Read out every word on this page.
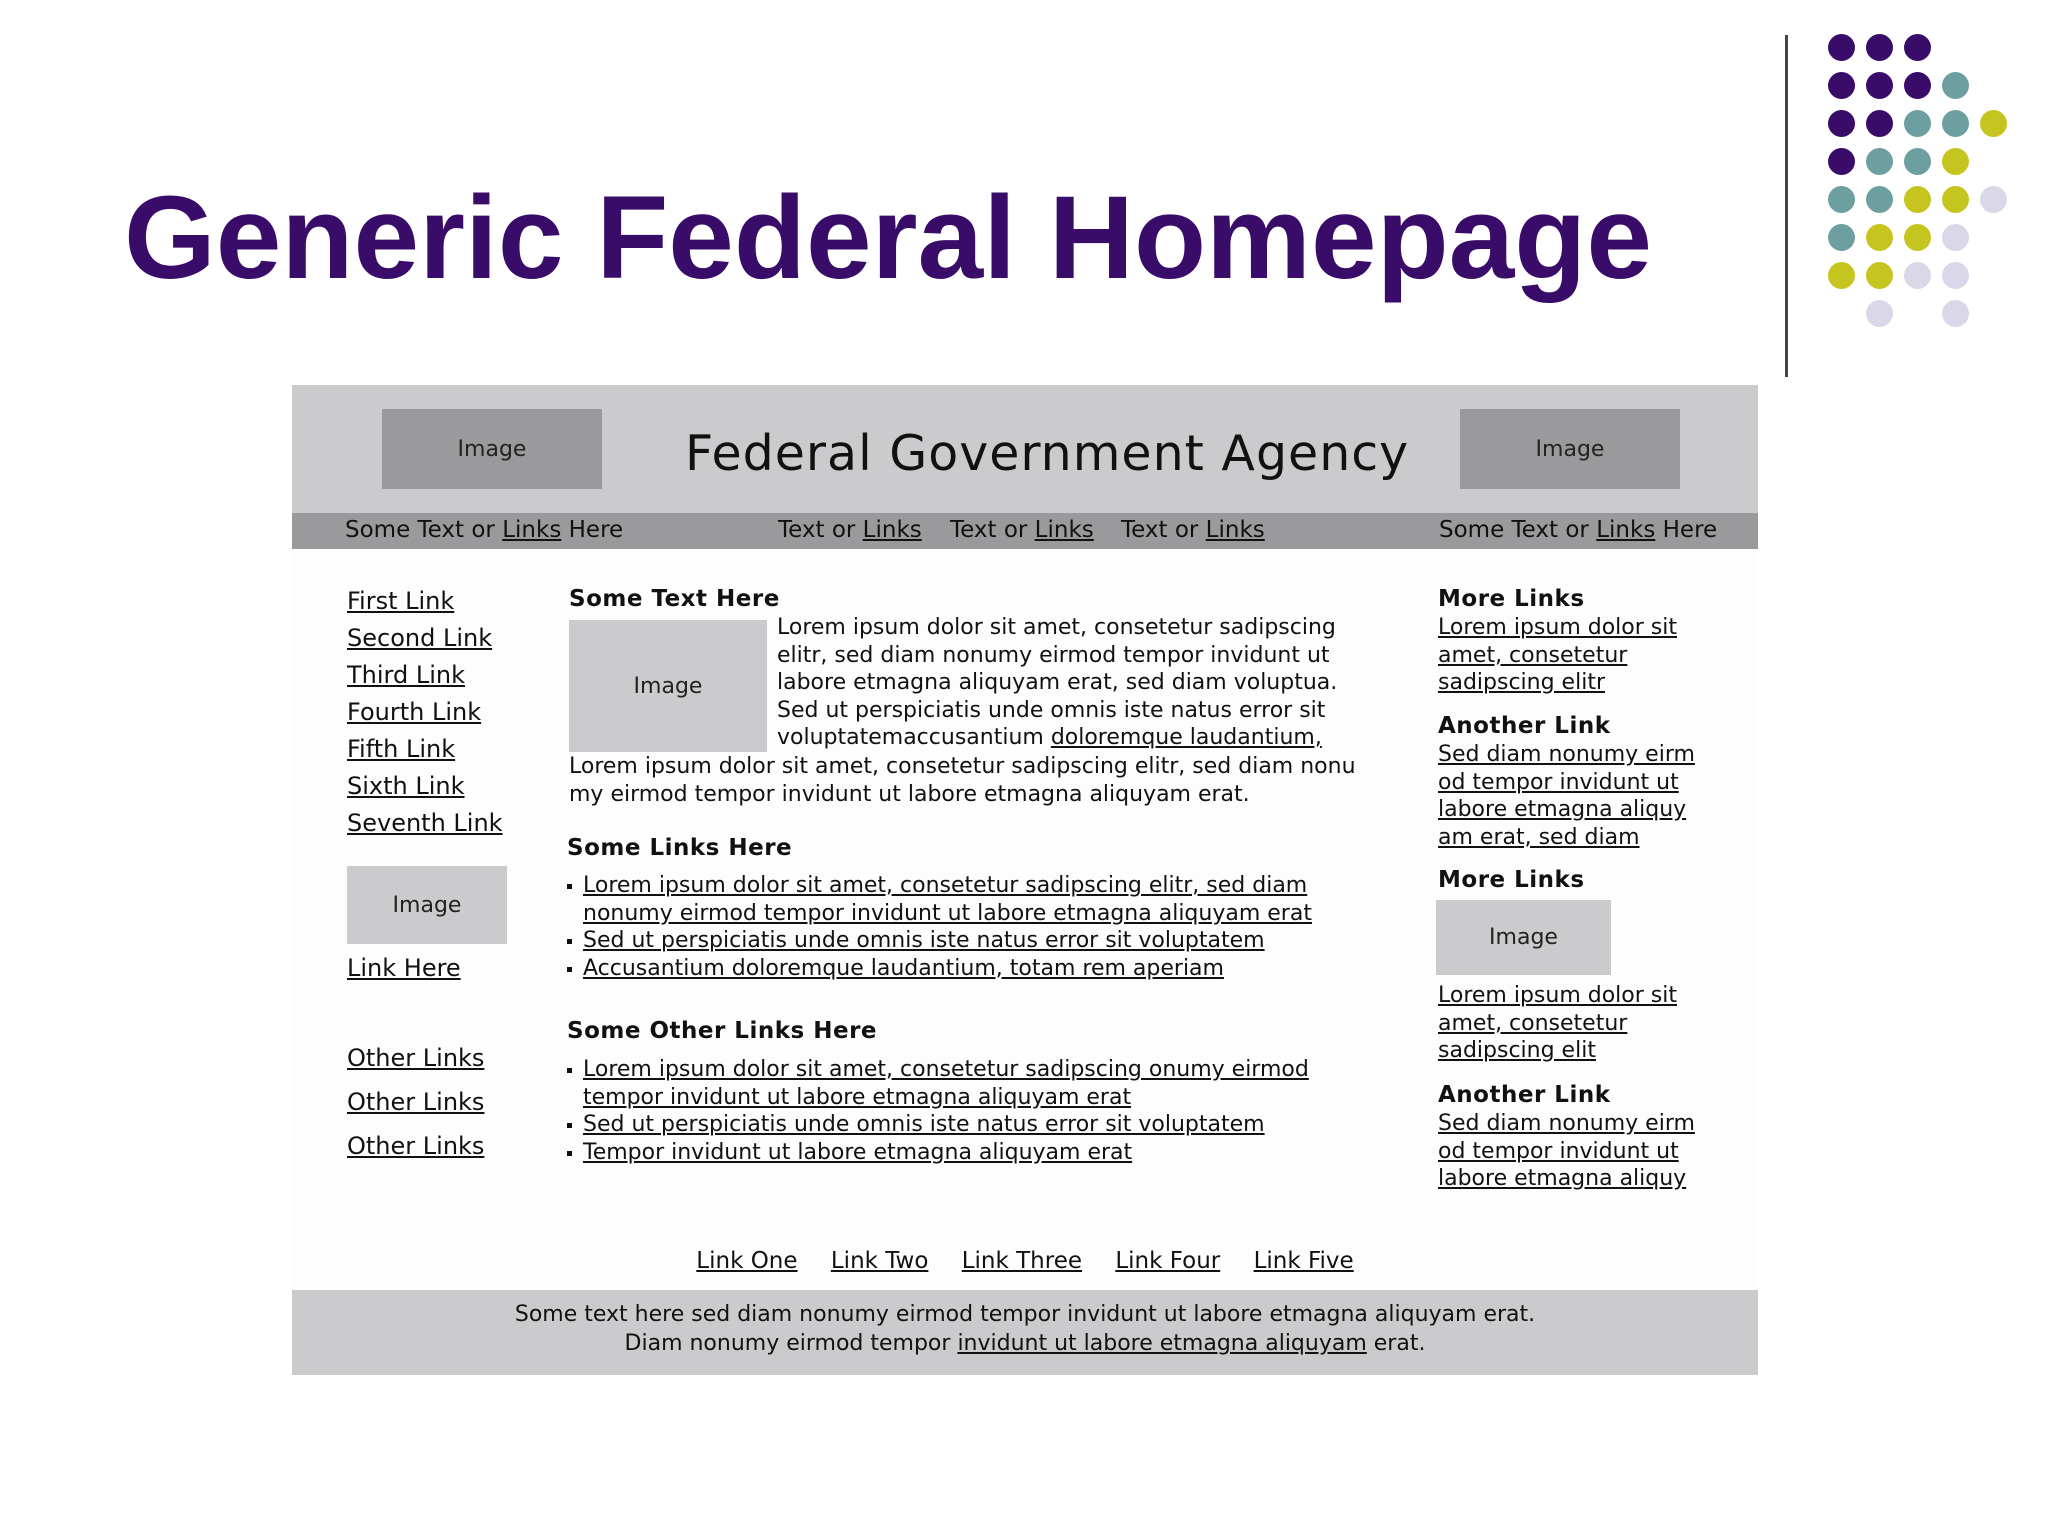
Generic Federal Homepage
Image	Federal Government Agency	Image
Some Text or Links Here	Text or Links Text or Links Text or Links	Some Text or Links Here
First Link
Second Link
Third Link
Fourth Link
Fifth Link
Sixth Link
Seventh Link
Image
Link Here
Other Links
Other Links
Other Links
Some Text Here
Image
Lorem ipsum dolor sit amet, consetetur sadipscing
elitr, sed diam nonumy eirmod tempor invidunt ut
labore etmagna aliquyam erat, sed diam voluptua.
Sed ut perspiciatis unde omnis iste natus error sit
voluptatemaccusantium doloremque laudantium,
Lorem ipsum dolor sit amet, consetetur sadipscing elitr, sed diam nonu
my eirmod tempor invidunt ut labore etmagna aliquyam erat.
Some Links Here
Lorem ipsum dolor sit amet, consetetur sadipscing elitr, sed diam
nonumy eirmod tempor invidunt ut labore etmagna aliquyam erat
Sed ut perspiciatis unde omnis iste natus error sit voluptatem
Accusantium doloremque laudantium, totam rem aperiam
Some Other Links Here
Lorem ipsum dolor sit amet, consetetur sadipscing onumy eirmod
tempor invidunt ut labore etmagna aliquyam erat
Sed ut perspiciatis unde omnis iste natus error sit voluptatem
Tempor invidunt ut labore etmagna aliquyam erat
More Links
Lorem ipsum dolor sit
amet, consetetur
sadipscing elitr
Another Link
Sed diam nonumy eirm
od tempor invidunt ut
labore etmagna aliquy
am erat, sed diam
More Links
Image
Lorem ipsum dolor sit
amet, consetetur
sadipscing elit
Another Link
Sed diam nonumy eirm
od tempor invidunt ut
labore etmagna aliquy
Link One Link Two Link Three Link Four Link Five
Some text here sed diam nonumy eirmod tempor invidunt ut labore etmagna aliquyam erat.
Diam nonumy eirmod tempor invidunt ut labore etmagna aliquyam erat.
